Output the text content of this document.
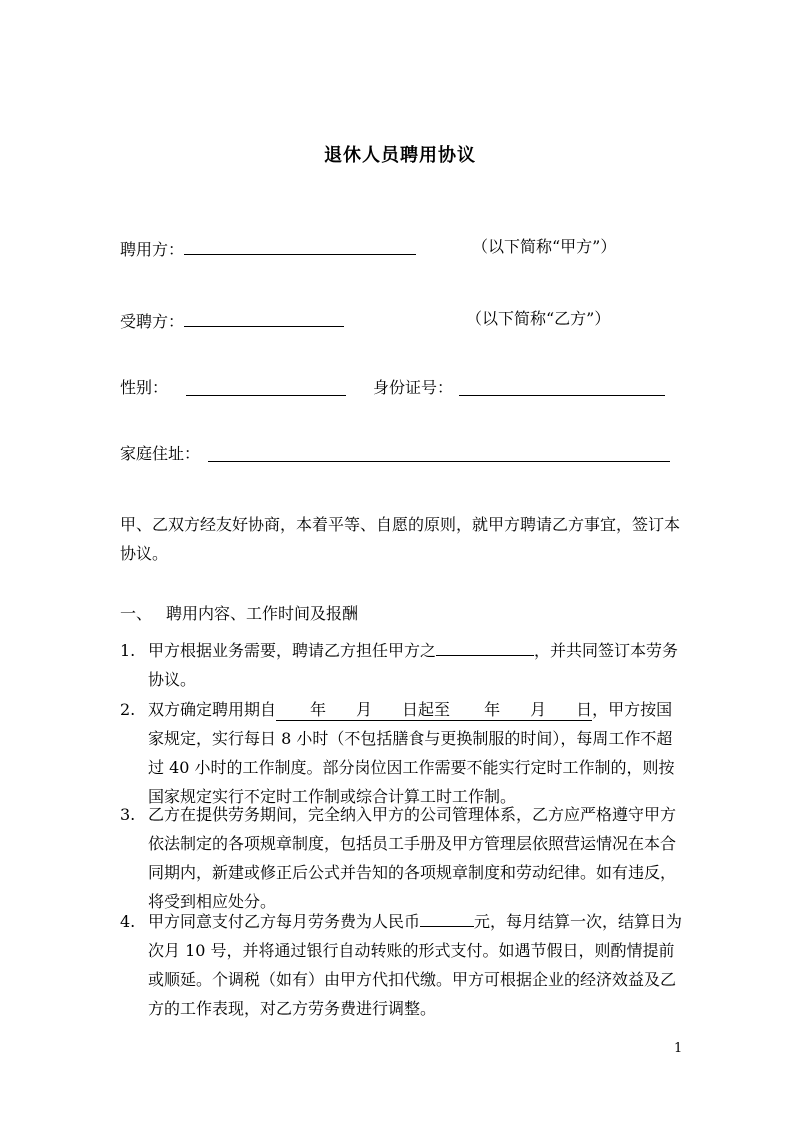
退休人员聘用协议
聘用方：	（以下简称“甲方”）
受聘方：	（以下简称“乙方”）
性别：	身份证号：
家庭住址：
甲、乙双方经友好协商，本着平等、自愿的原则，就甲方聘请乙方事宜，签订本协议。
一、 聘用内容、工作时间及报酬
1. 甲方根据业务需要，聘请乙方担任甲方之	，并共同签订本劳务协议。
2. 双方确定聘用期自 年 月 日起至 年 月 日，甲方按国家规定，实行每日 8 小时（不包括膳食与更换制服的时间），每周工作不超过 40 小时的工作制度。部分岗位因工作需要不能实行定时工作制的，则按国家规定实行不定时工作制或综合计算工时工作制。
3. 乙方在提供劳务期间，完全纳入甲方的公司管理体系，乙方应严格遵守甲方依法制定的各项规章制度，包括员工手册及甲方管理层依照营运情况在本合同期内，新建或修正后公式并告知的各项规章制度和劳动纪律。如有违反，将受到相应处分。
4. 甲方同意支付乙方每月劳务费为人民币	元，每月结算一次，结算日为次月 10 号，并将通过银行自动转账的形式支付。如遇节假日，则酌情提前或顺延。个调税（如有）由甲方代扣代缴。甲方可根据企业的经济效益及乙方的工作表现，对乙方劳务费进行调整。
1
